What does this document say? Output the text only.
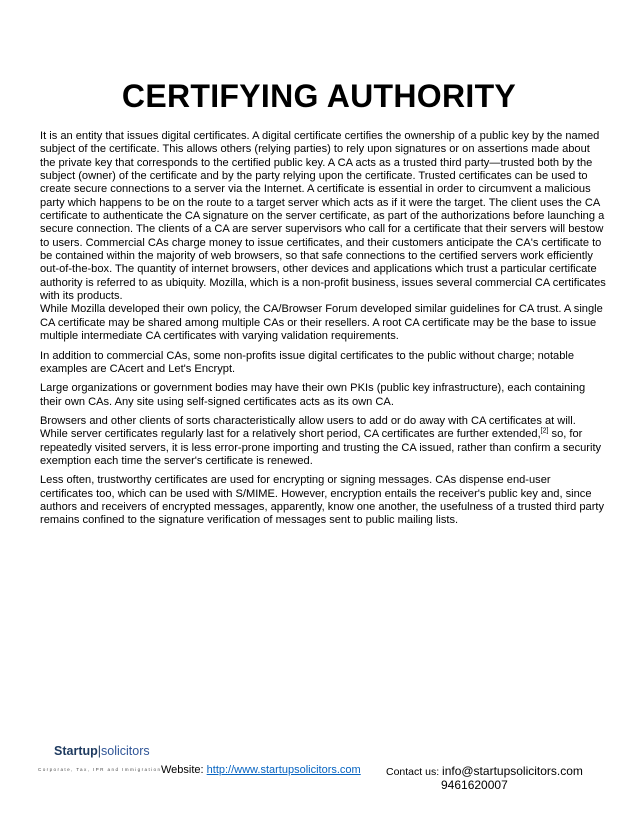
CERTIFYING AUTHORITY

It is an entity that issues digital certificates. A digital certificate certifies the ownership of a public key by the named subject of the certificate. This allows others (relying parties) to rely upon signatures or on assertions made about the private key that corresponds to the certified public key. A CA acts as a trusted third party—trusted both by the subject (owner) of the certificate and by the party relying upon the certificate. Trusted certificates can be used to create secure connections to a server via the Internet. A certificate is essential in order to circumvent a malicious party which happens to be on the route to a target server which acts as if it were the target. The client uses the CA certificate to authenticate the CA signature on the server certificate, as part of the authorizations before launching a secure connection. The clients of a CA are server supervisors who call for a certificate that their servers will bestow to users. Commercial CAs charge money to issue certificates, and their customers anticipate the CA's certificate to be contained within the majority of web browsers, so that safe connections to the certified servers work efficiently out-of-the-box. The quantity of internet browsers, other devices and applications which trust a particular certificate authority is referred to as ubiquity. Mozilla, which is a non-profit business, issues several commercial CA certificates with its products.
While Mozilla developed their own policy, the CA/Browser Forum developed similar guidelines for CA trust. A single CA certificate may be shared among multiple CAs or their resellers. A root CA certificate may be the base to issue multiple intermediate CA certificates with varying validation requirements.

In addition to commercial CAs, some non-profits issue digital certificates to the public without charge; notable examples are CAcert and Let's Encrypt.

Large organizations or government bodies may have their own PKIs (public key infrastructure), each containing their own CAs. Any site using self-signed certificates acts as its own CA.

Browsers and other clients of sorts characteristically allow users to add or do away with CA certificates at will. While server certificates regularly last for a relatively short period, CA certificates are further extended,[2] so, for repeatedly visited servers, it is less error-prone importing and trusting the CA issued, rather than confirm a security exemption each time the server's certificate is renewed.

Less often, trustworthy certificates are used for encrypting or signing messages. CAs dispense end-user certificates too, which can be used with S/MIME. However, encryption entails the receiver's public key and, since authors and receivers of encrypted messages, apparently, know one another, the usefulness of a trusted third party remains confined to the signature verification of messages sent to public mailing lists.

Startup|solicitors
Corporate, Tax, IPR and Immigration Website: http://www.startupsolicitors.com Contact us: info@startupsolicitors.com
9461620007
